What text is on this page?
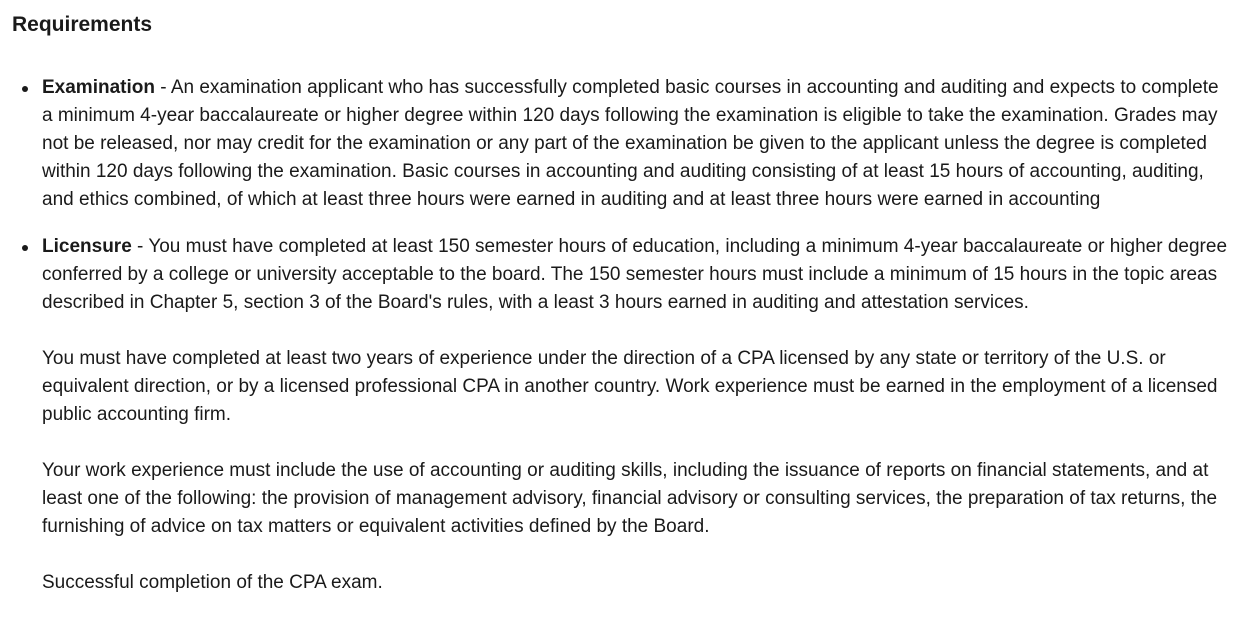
Requirements

Examination - An examination applicant who has successfully completed basic courses in accounting and auditing and expects to complete a minimum 4-year baccalaureate or higher degree within 120 days following the examination is eligible to take the examination. Grades may not be released, nor may credit for the examination or any part of the examination be given to the applicant unless the degree is completed within 120 days following the examination. Basic courses in accounting and auditing consisting of at least 15 hours of accounting, auditing, and ethics combined, of which at least three hours were earned in auditing and at least three hours were earned in accounting

Licensure - You must have completed at least 150 semester hours of education, including a minimum 4-year baccalaureate or higher degree conferred by a college or university acceptable to the board. The 150 semester hours must include a minimum of 15 hours in the topic areas described in Chapter 5, section 3 of the Board's rules, with a least 3 hours earned in auditing and attestation services.

You must have completed at least two years of experience under the direction of a CPA licensed by any state or territory of the U.S. or equivalent direction, or by a licensed professional CPA in another country. Work experience must be earned in the employment of a licensed public accounting firm.

Your work experience must include the use of accounting or auditing skills, including the issuance of reports on financial statements, and at least one of the following: the provision of management advisory, financial advisory or consulting services, the preparation of tax returns, the furnishing of advice on tax matters or equivalent activities defined by the Board.

Successful completion of the CPA exam.
